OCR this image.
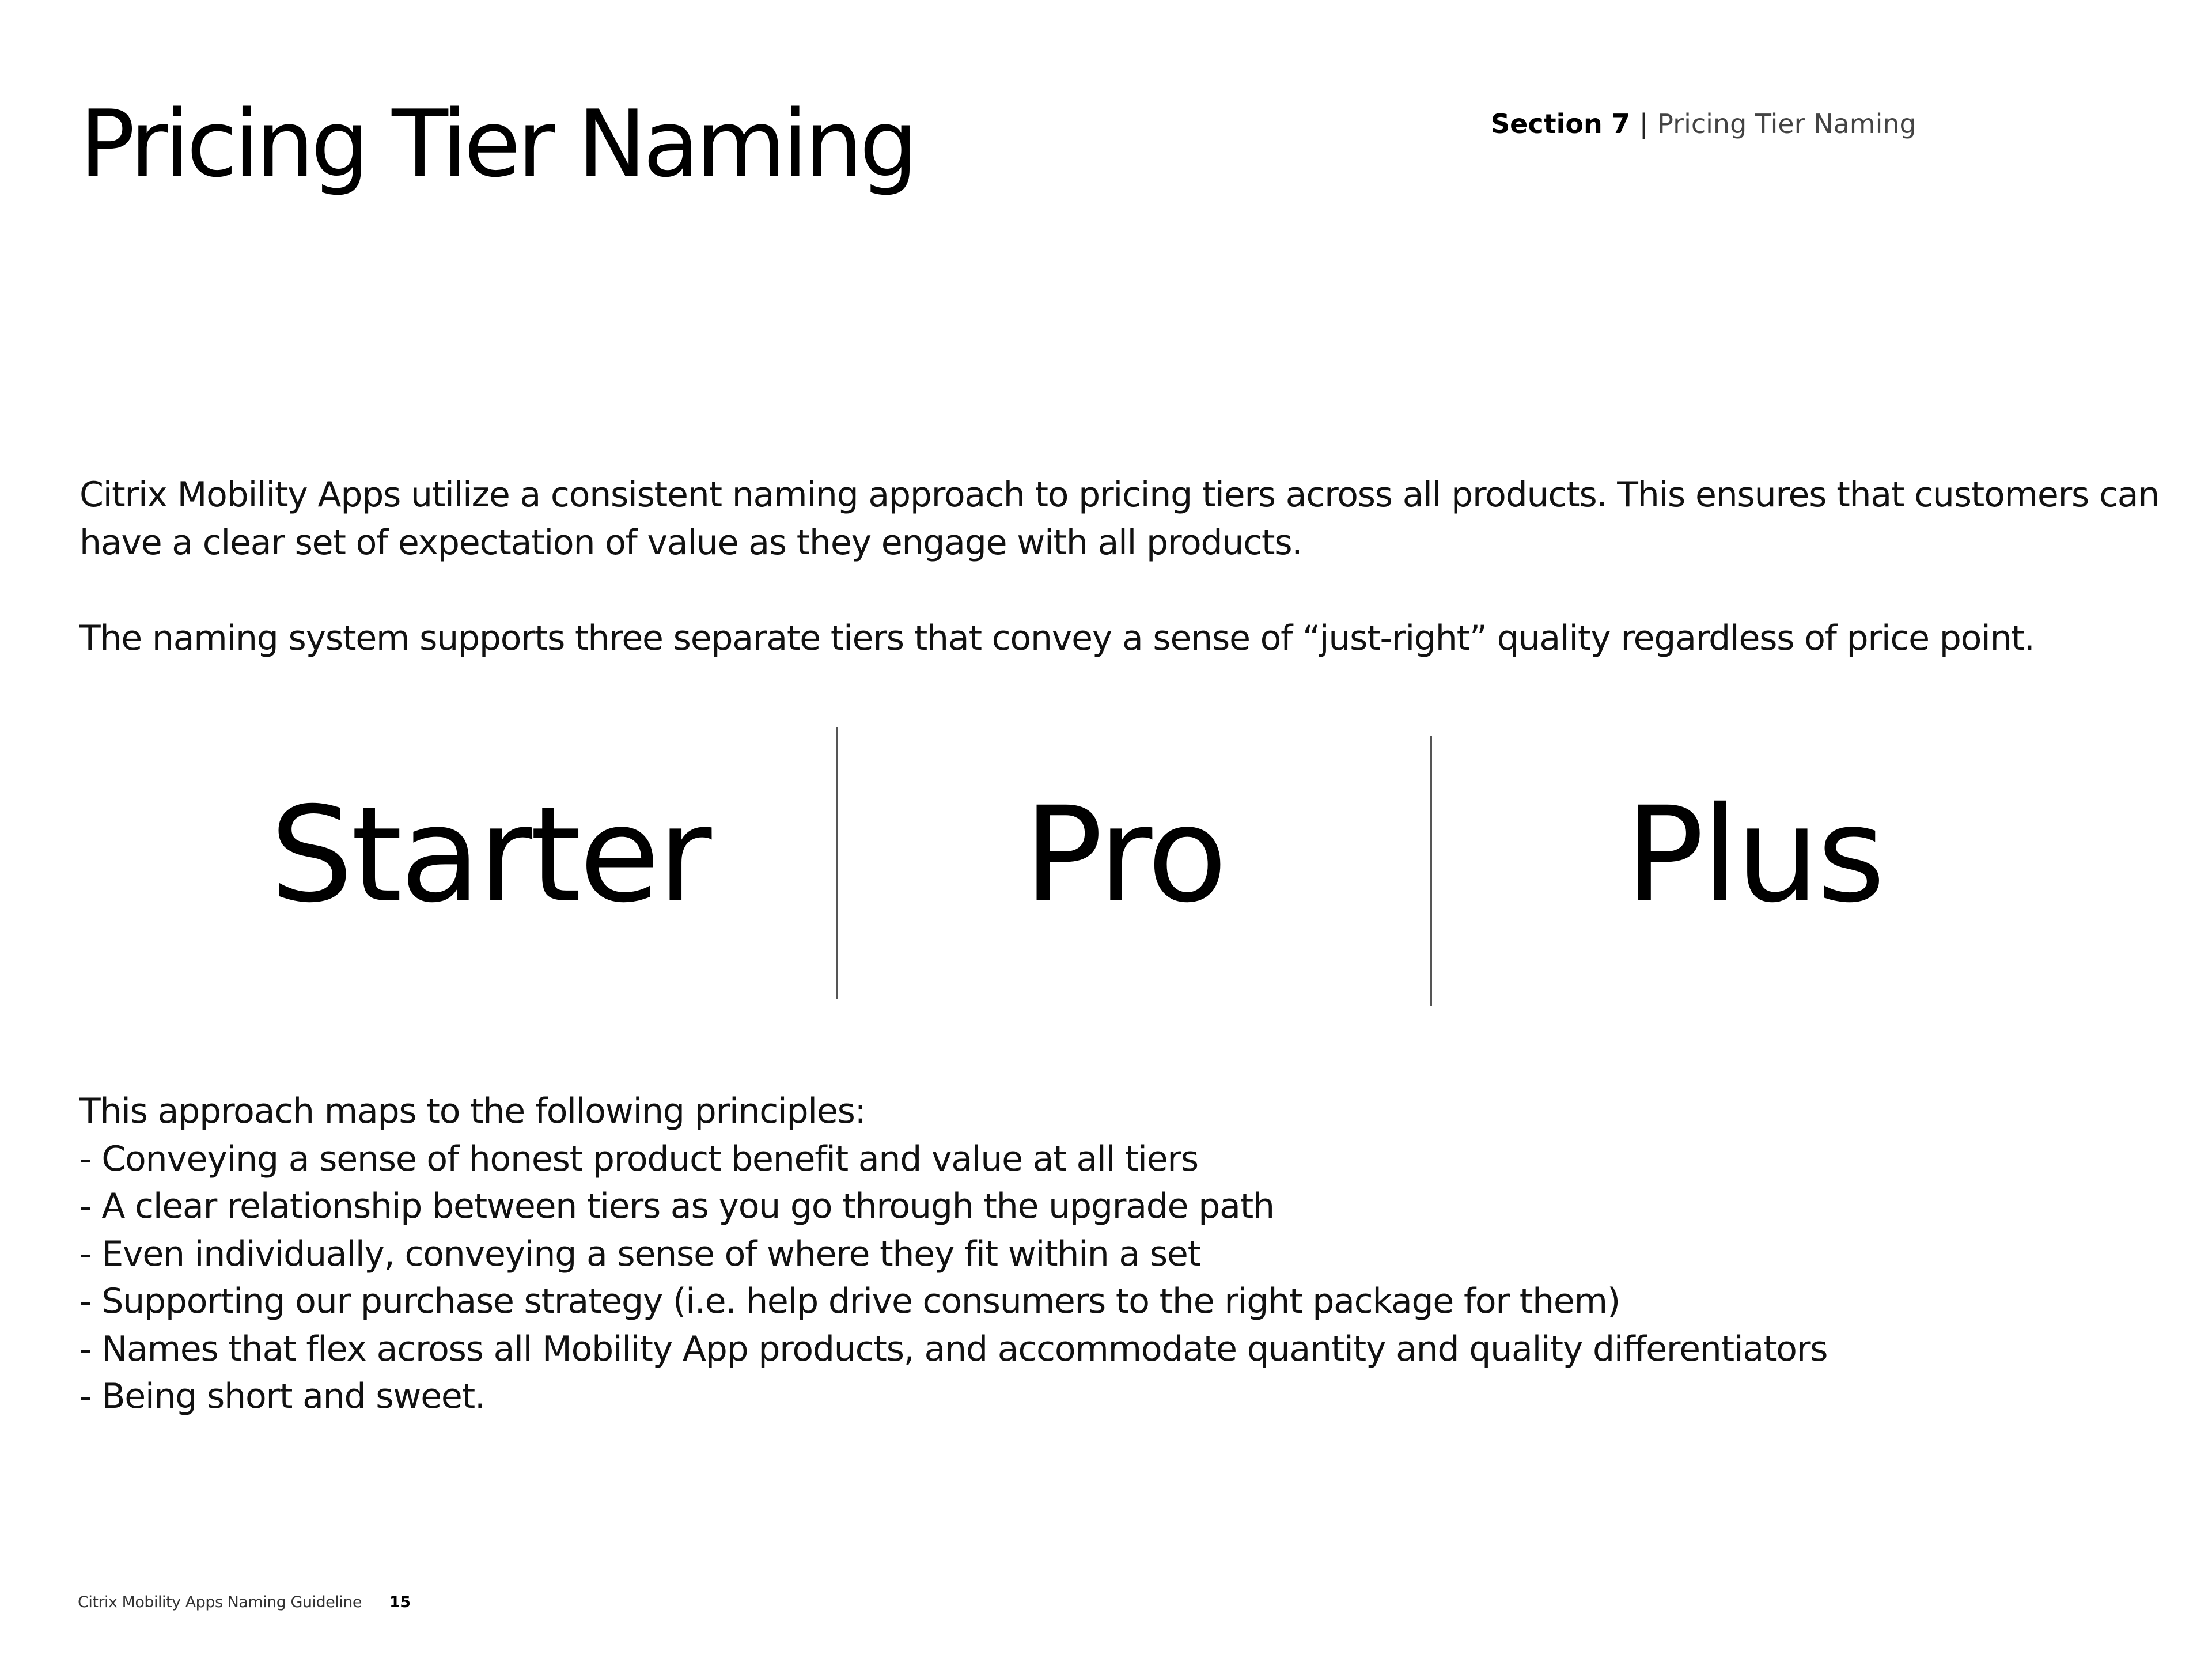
Pricing Tier Naming	Section 7 | Pricing Tier Naming

Citrix Mobility Apps utilize a consistent naming approach to pricing tiers across all products. This ensures that customers can have a clear set of expectation of value as they engage with all products.

The naming system supports three separate tiers that convey a sense of “just-right” quality regardless of price point.

Starter Pro	Plus
This approach maps to the following principles:
- Conveying a sense of honest product benefit and value at all tiers
- A clear relationship between tiers as you go through the upgrade path
- Even individually, conveying a sense of where they fit within a set
- Supporting our purchase strategy (i.e. help drive consumers to the right package for them)
- Names that flex across all Mobility App products, and accommodate quantity and quality differentiators
- Being short and sweet.
Citrix Mobility Apps Naming Guideline 15
